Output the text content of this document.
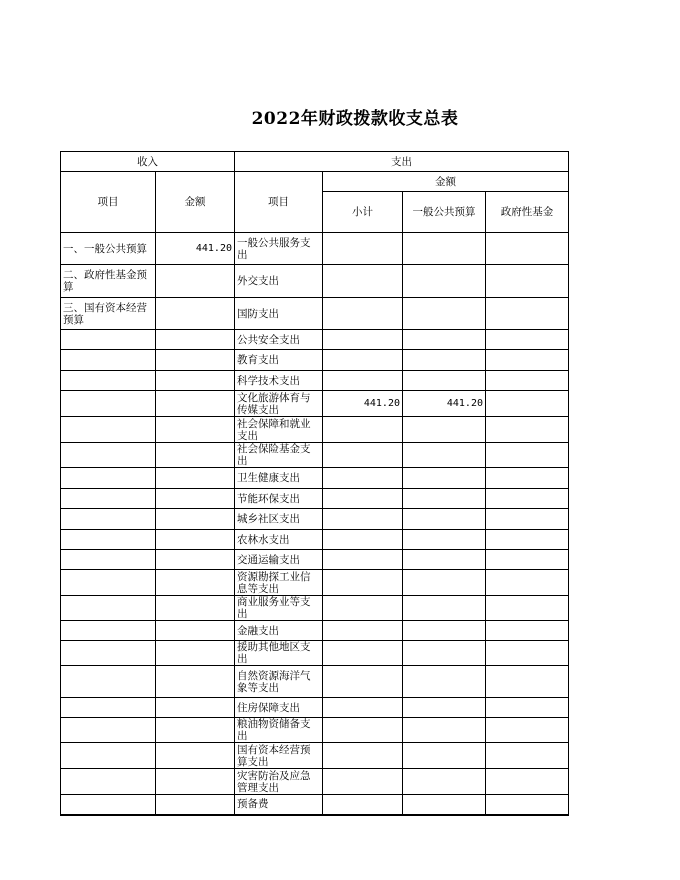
2022年财政拨款收支总表
收入		支出			
项目	金额	项目	金额		
			小计	一般公共预算	政府性基金
一、一般公共预算	441.20	一般公共服务支出			
二、政府性基金预算		外交支出			
三、国有资本经营预算		国防支出			
		公共安全支出			
		教育支出			
		科学技术支出			
		文化旅游体育与传媒支出	441.20	441.20	
		社会保障和就业支出			
		社会保险基金支出			
		卫生健康支出			
		节能环保支出			
		城乡社区支出			
		农林水支出			
		交通运输支出			
		资源勘探工业信息等支出			
		商业服务业等支出			
		金融支出			
		援助其他地区支出			
		自然资源海洋气象等支出			
		住房保障支出			
		粮油物资储备支出			
		国有资本经营预算支出			
		灾害防治及应急管理支出			
		预备费			
